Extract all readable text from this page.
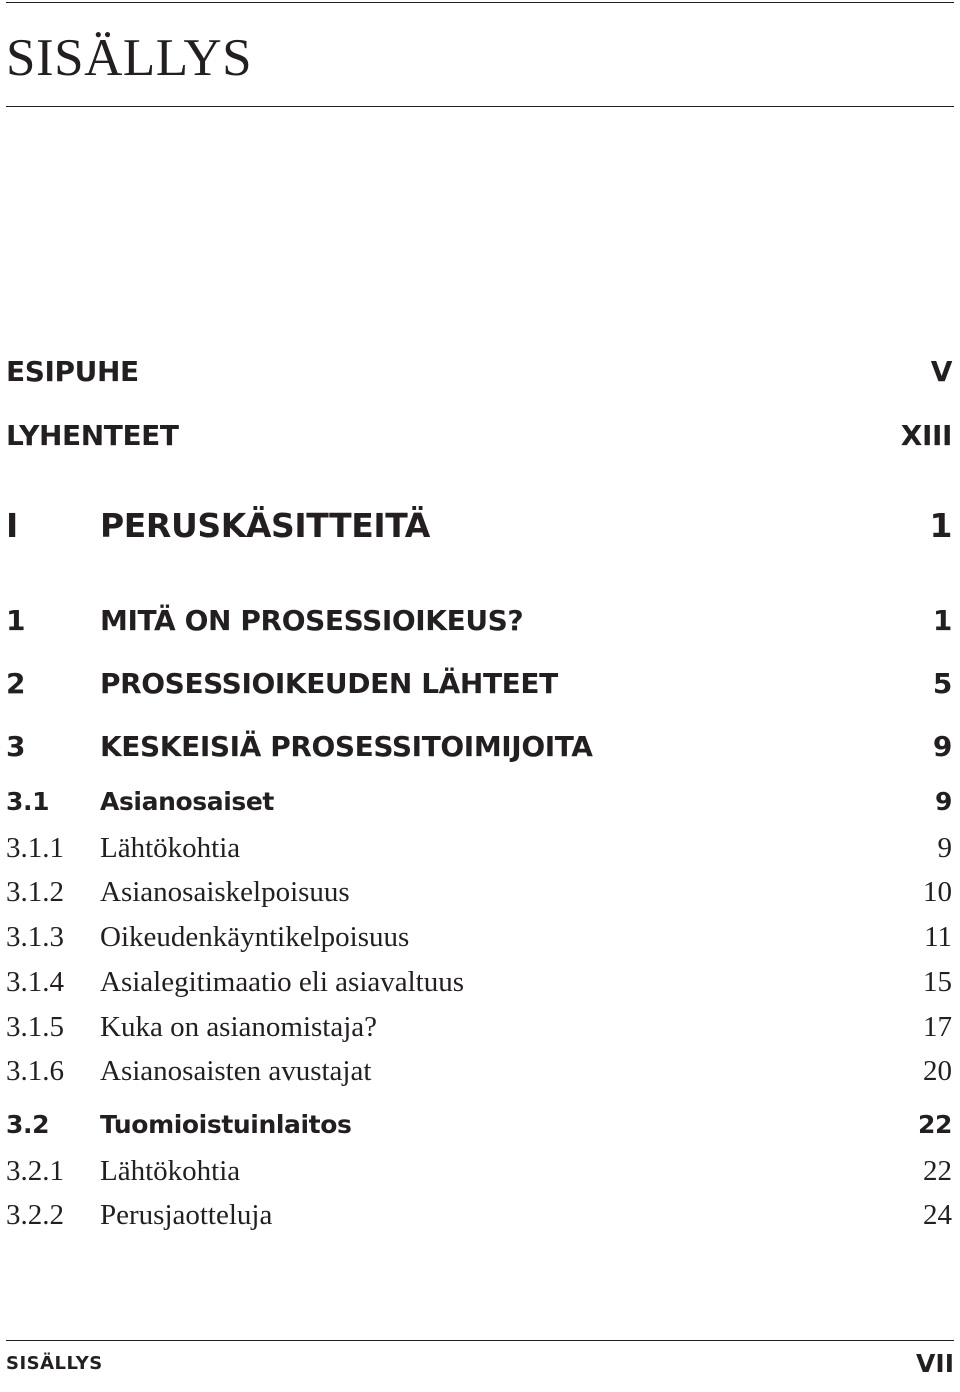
SISÄLLYS
ESIPUHE	V
LYHENTEET	XIII
I PERUSKÄSITTEITÄ	1
1	MITÄ ON PROSESSIOIKEUS?	1
2	PROSESSIOIKEUDEN LÄHTEET	5
3	KESKEISIÄ PROSESSITOIMIJOITA	9
3.1 Asianosaiset	9
3.1.1 Lähtökohtia	9
3.1.2 Asianosaiskelpoisuus	10
3.1.3 Oikeudenkäyntikelpoisuus	11
3.1.4 Asialegitimaatio eli asiavaltuus	15
3.1.5 Kuka on asianomistaja?	17
3.1.6 Asianosaisten avustajat	20
3.2 Tuomioistuinlaitos	22
3.2.1 Lähtökohtia	22
3.2.2 Perusjaotteluja	24
SISÄLLYS	VII
